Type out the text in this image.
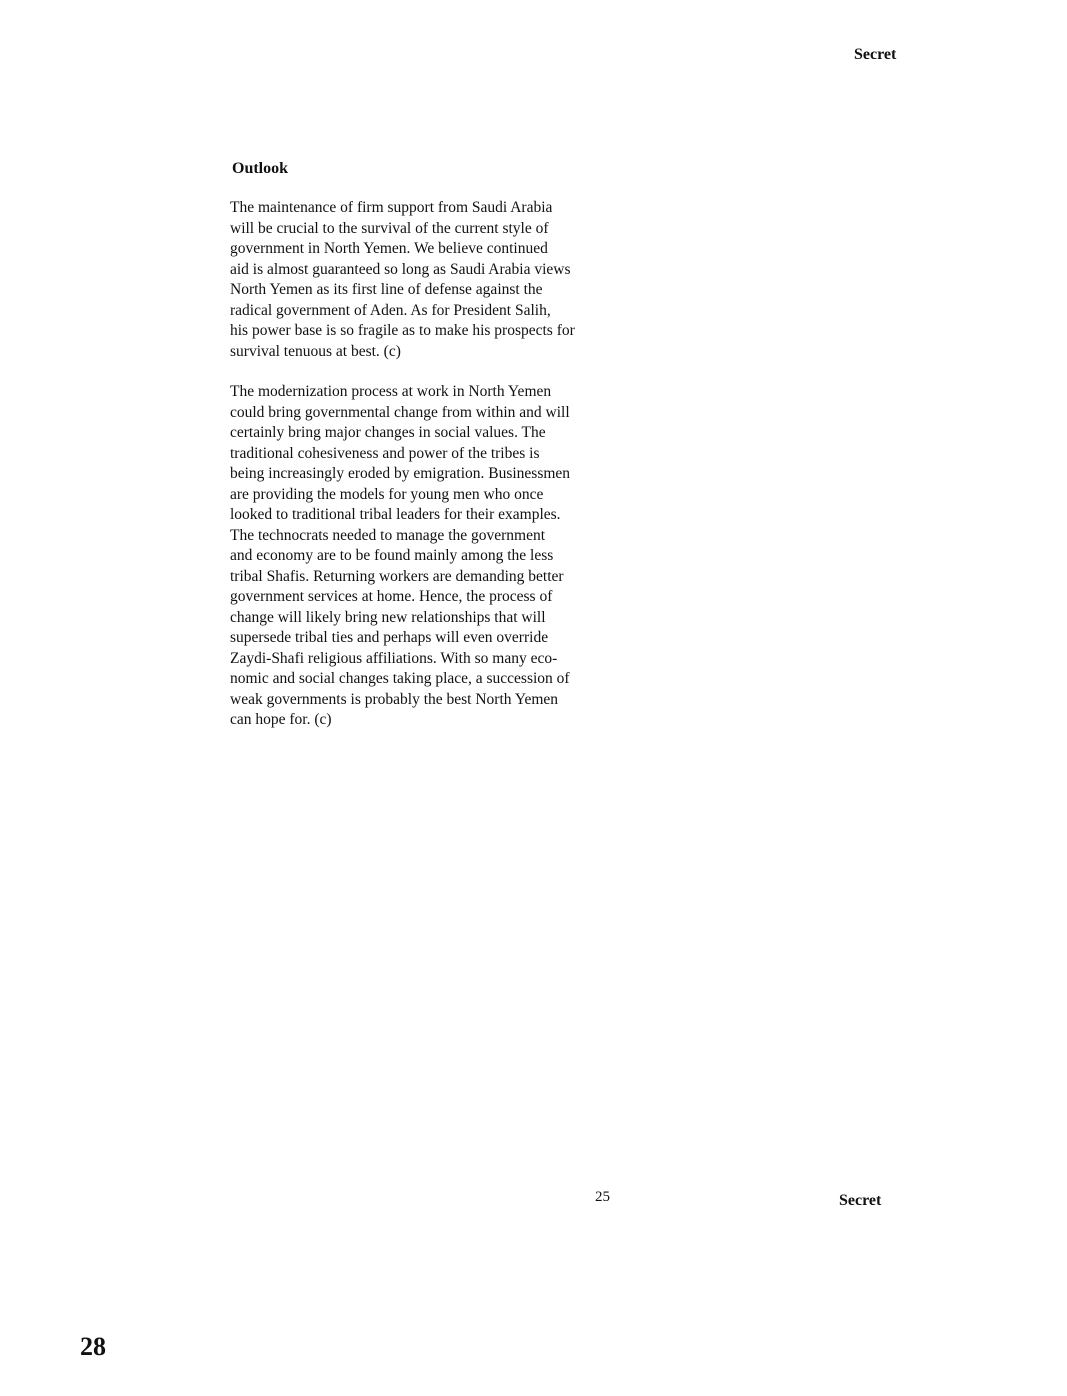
Secret
Outlook
The maintenance of firm support from Saudi Arabia
will be crucial to the survival of the current style of
government in North Yemen. We believe continued
aid is almost guaranteed so long as Saudi Arabia views
North Yemen as its first line of defense against the
radical government of Aden. As for President Salih,
his power base is so fragile as to make his prospects for
survival tenuous at best. (c)
The modernization process at work in North Yemen
could bring governmental change from within and will
certainly bring major changes in social values. The
traditional cohesiveness and power of the tribes is
being increasingly eroded by emigration. Businessmen
are providing the models for young men who once
looked to traditional tribal leaders for their examples.
The technocrats needed to manage the government
and economy are to be found mainly among the less
tribal Shafis. Returning workers are demanding better
government services at home. Hence, the process of
change will likely bring new relationships that will
supersede tribal ties and perhaps will even override
Zaydi-Shafi religious affiliations. With so many eco-
nomic and social changes taking place, a succession of
weak governments is probably the best North Yemen
can hope for. (c)
25	Secret
28
